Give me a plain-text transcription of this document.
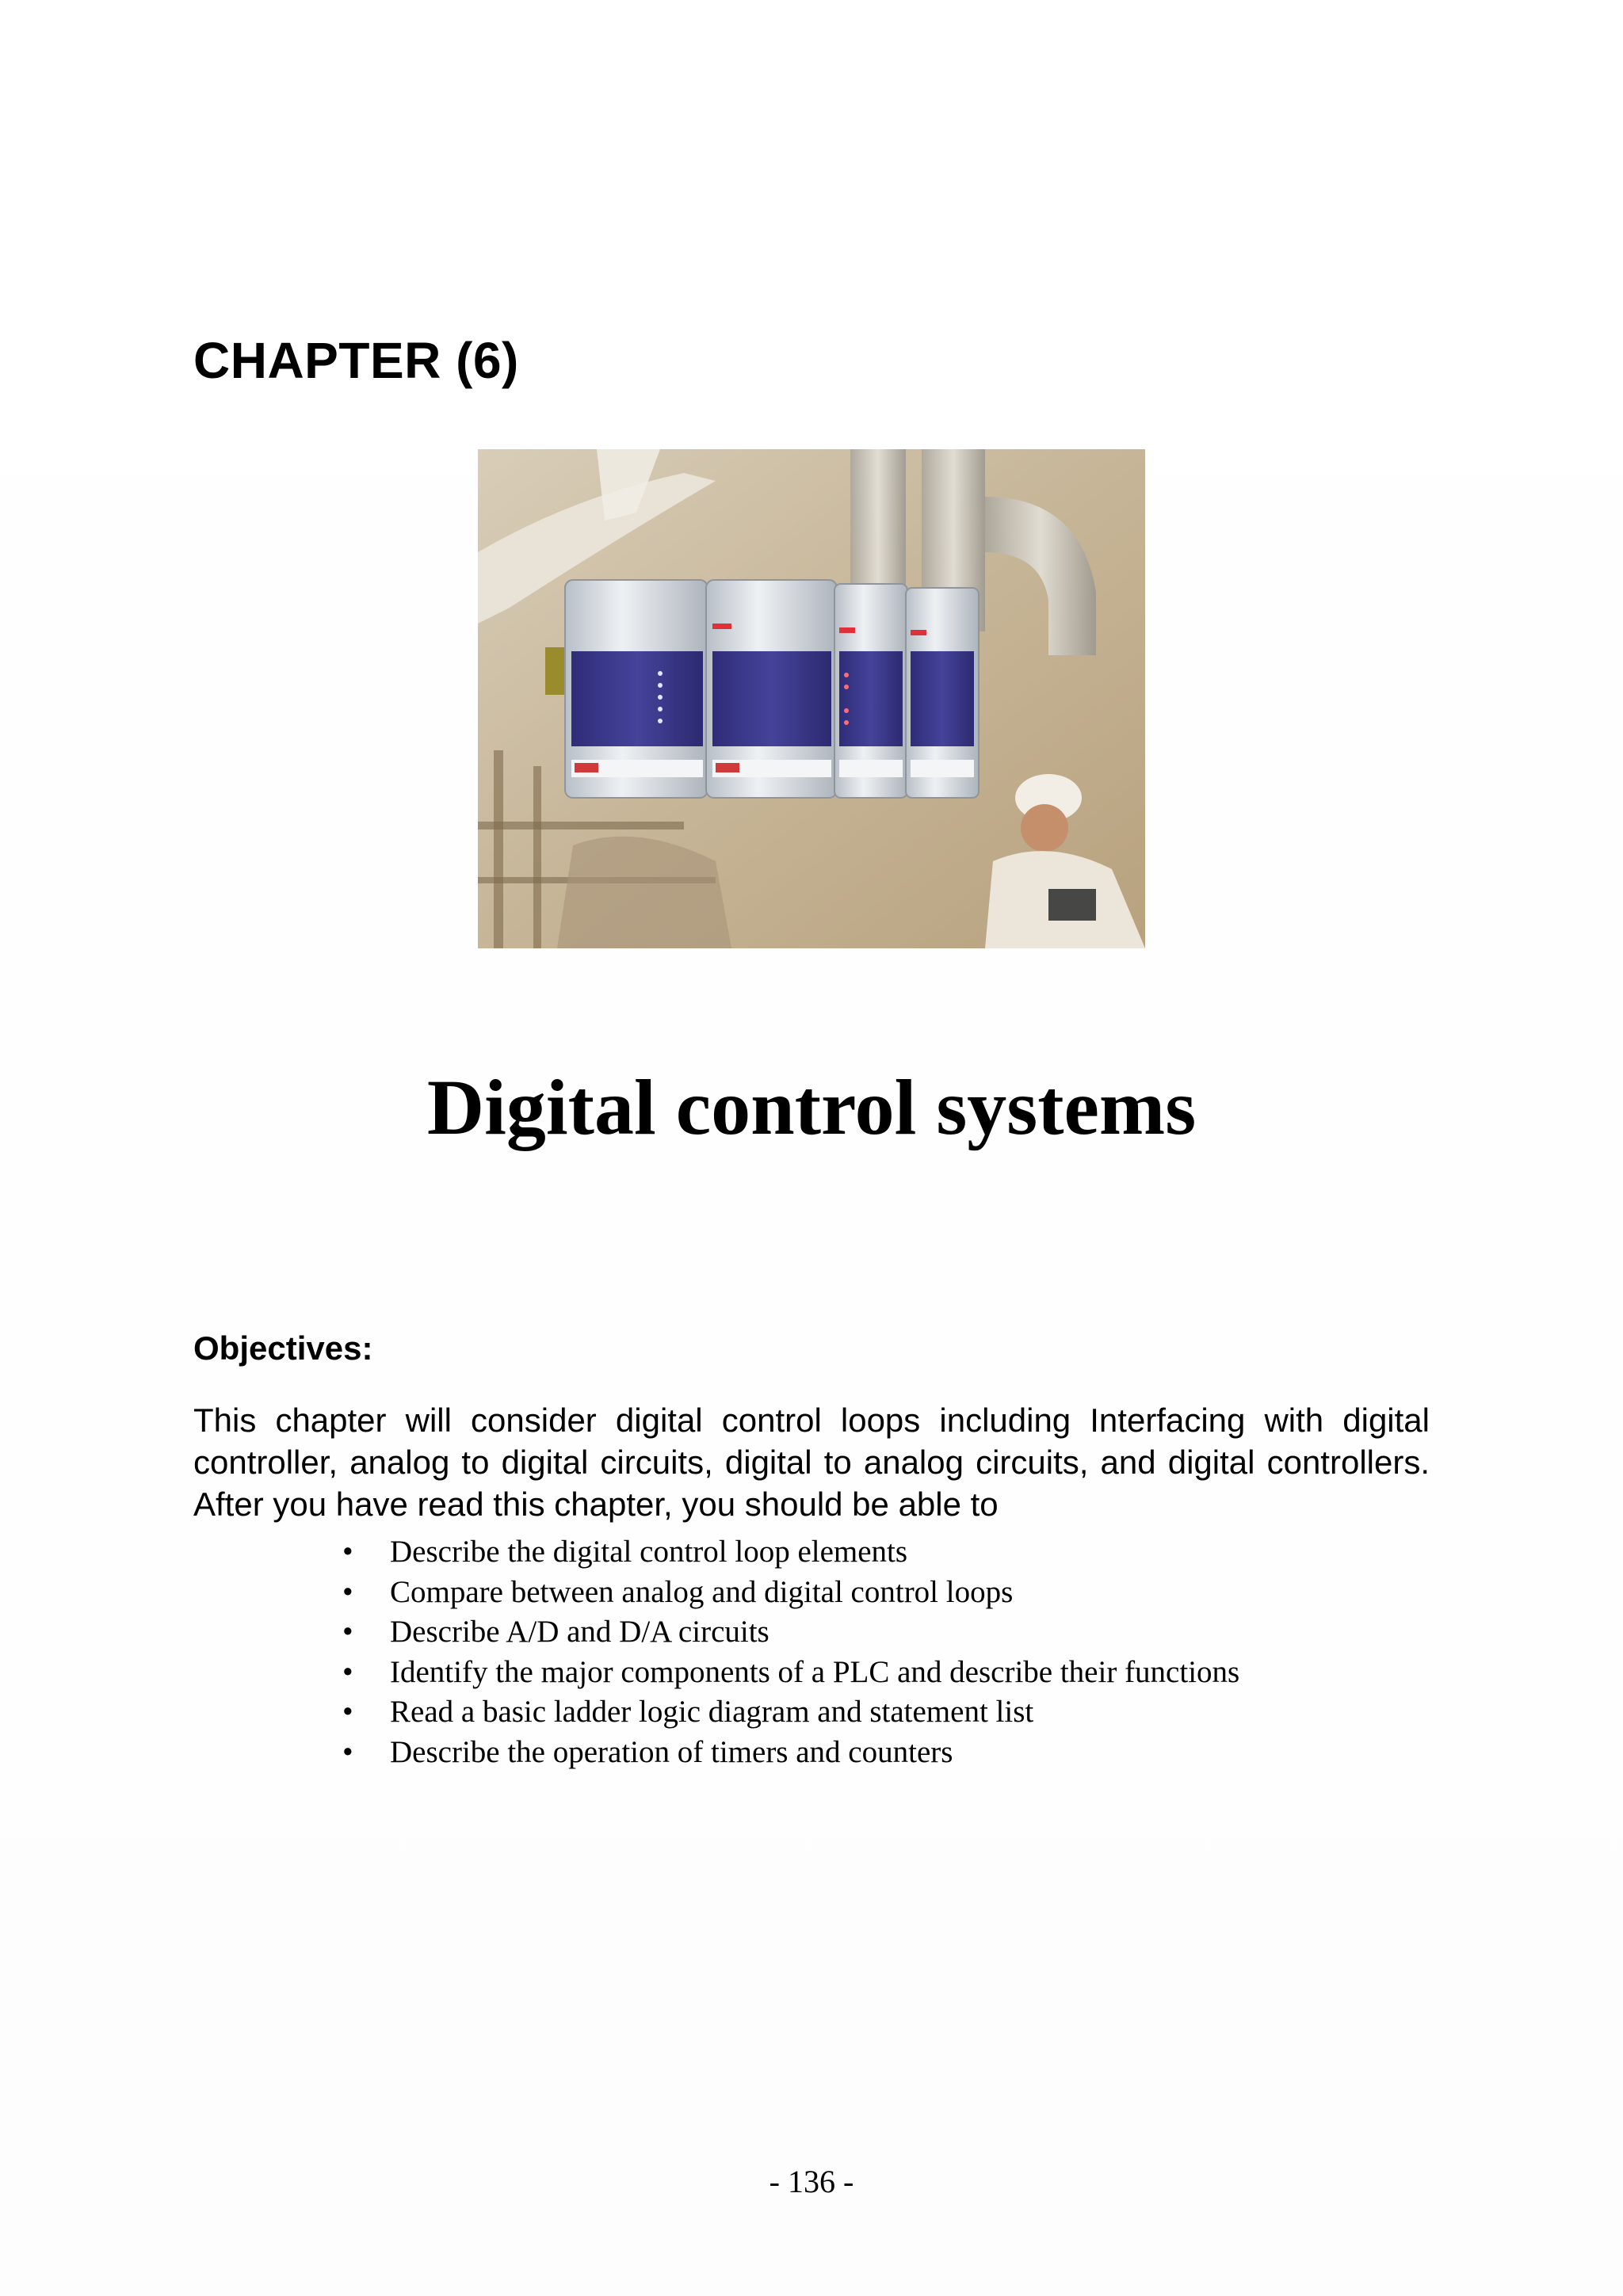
CHAPTER (6)
Digital control systems
Objectives:
This chapter will consider digital control loops including Interfacing with digital controller, analog to digital circuits, digital to analog circuits, and digital controllers. After you have read this chapter, you should be able to
• Describe the digital control loop elements
• Compare between analog and digital control loops
• Describe A/D and D/A circuits
• Identify the major components of a PLC and describe their functions
• Read a basic ladder logic diagram and statement list
• Describe the operation of timers and counters
- 136 -
